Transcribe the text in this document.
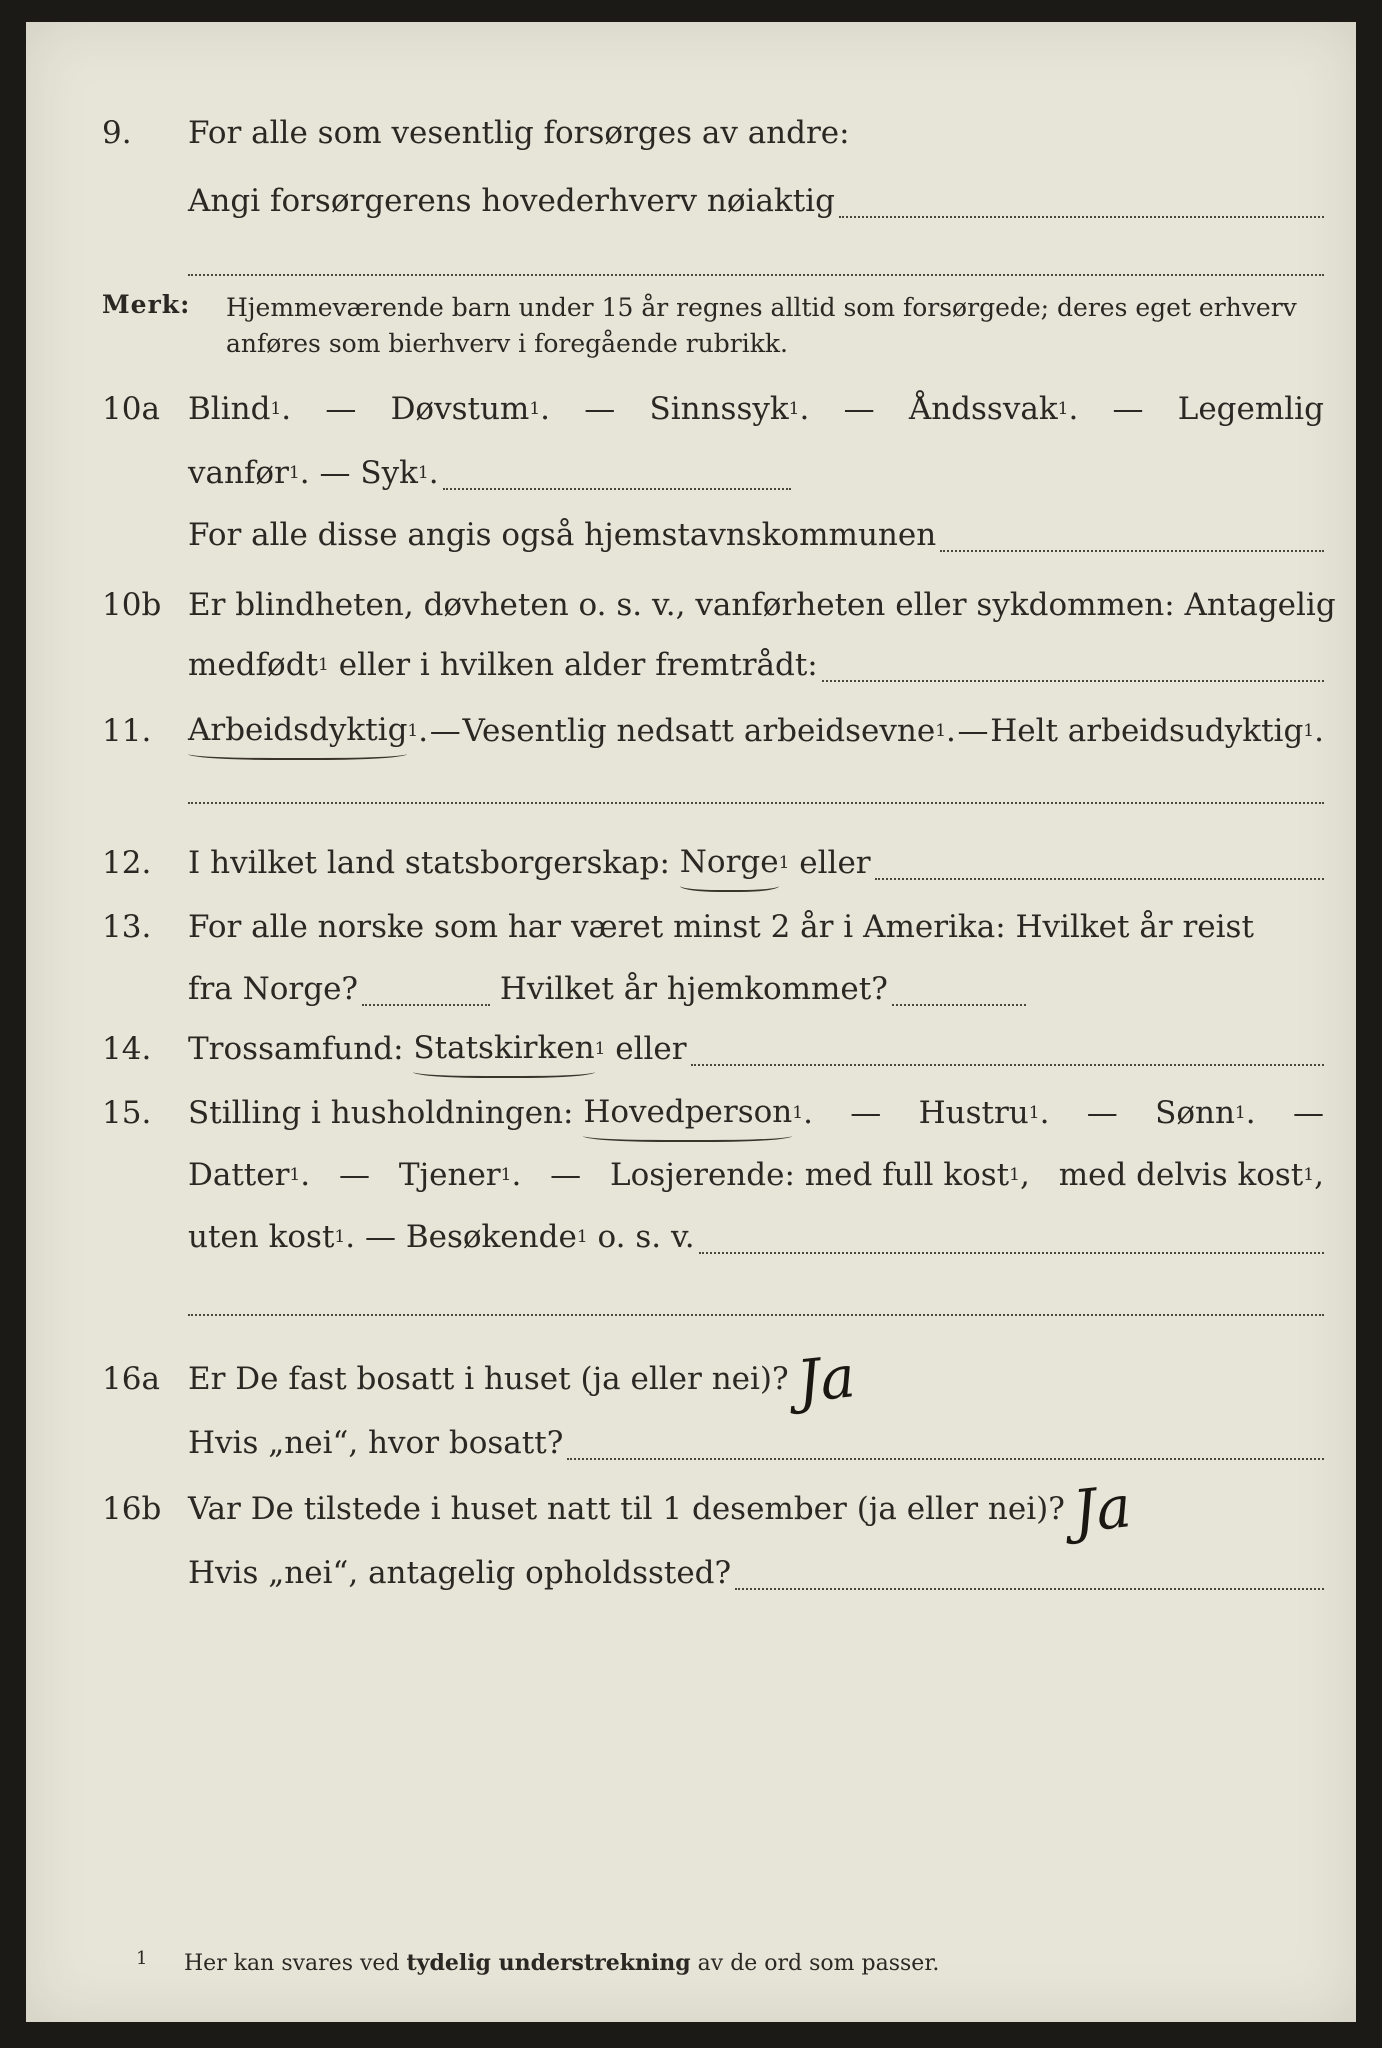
9. For alle som vesentlig forsørges av andre:
Angi forsørgerens hovederhverv nøiaktig
Merk: Hjemmeværende barn under 15 år regnes alltid som forsørgede; deres eget erhverv
anføres som bierhverv i foregående rubrikk.
10a Blind 1 . — Døvstum 1 . — Sinnssyk 1 . — Åndssvak 1 . — Legemlig
vanfør 1 . —
Syk 1 .
For alle disse angis også hjemstavnskommunen
10b Er blindheten, døvheten o. s. v., vanførheten eller sykdommen: Antagelig
medfødt 1 eller i hvilken alder fremtrådt:
11. Arbeidsdyktig 1 . — Vesentlig nedsatt arbeidsevne 1 . — Helt arbeidsudyktig 1 .
12. I hvilket land statsborgerskap: Norge 1 eller
13. For alle norske som har været minst 2 år i Amerika: Hvilket år reist
fra Norge?	Hvilket år hjemkommet?
14. Trossamfund: Statskirken 1 eller
15. Stilling i husholdningen: Hovedperson 1 . — Hustru 1 . — Sønn 1 . —
Datter 1 . — Tjener 1 . — Losjerende: med full kost 1 , med delvis kost 1 ,
uten kost 1 . —
Besøkende 1 o. s. v.
16a Er De fast bosatt i huset (ja eller nei)? Ja
Hvis „nei“, hvor bosatt?
16b Var De tilstede i huset natt til 1 desember (ja eller nei)? Ja
Hvis „nei“, antagelig opholdssted?
1 Her kan svares ved tydelig understrekning av de ord som passer.
